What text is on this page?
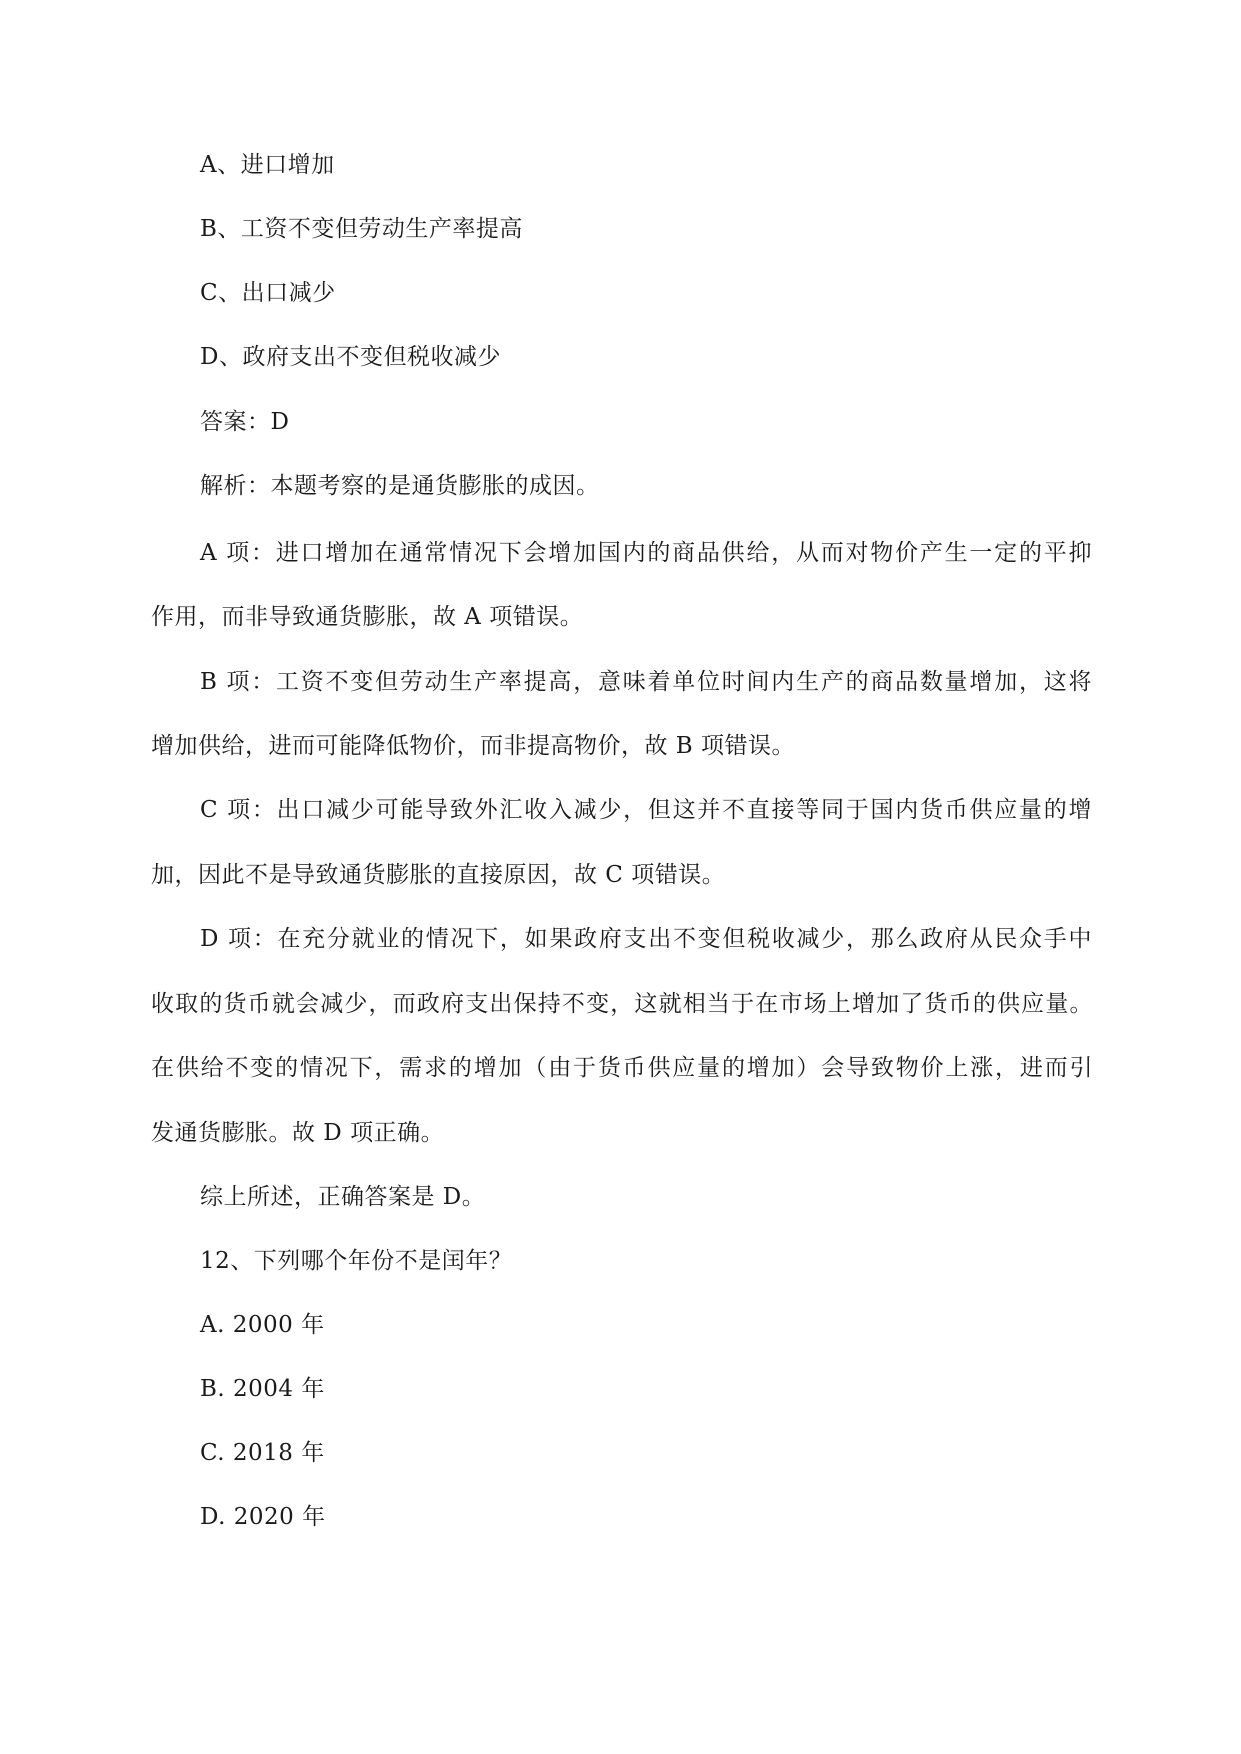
A、进口增加
B、工资不变但劳动生产率提高
C、出口减少
D、政府支出不变但税收减少
答案：D
解析：本题考察的是通货膨胀的成因。
A 项：进口增加在通常情况下会增加国内的商品供给，从而对物价产生一定的平抑
作用，而非导致通货膨胀，故 A 项错误。
B 项：工资不变但劳动生产率提高，意味着单位时间内生产的商品数量增加，这将
增加供给，进而可能降低物价，而非提高物价，故 B 项错误。
C 项：出口减少可能导致外汇收入减少，但这并不直接等同于国内货币供应量的增
加，因此不是导致通货膨胀的直接原因，故 C 项错误。
D 项：在充分就业的情况下，如果政府支出不变但税收减少，那么政府从民众手中
收取的货币就会减少，而政府支出保持不变，这就相当于在市场上增加了货币的供应量。
在供给不变的情况下，需求的增加（由于货币供应量的增加）会导致物价上涨，进而引
发通货膨胀。故 D 项正确。
综上所述，正确答案是 D。
12、下列哪个年份不是闰年？
A. 2000 年
B. 2004 年
C. 2018 年
D. 2020 年
